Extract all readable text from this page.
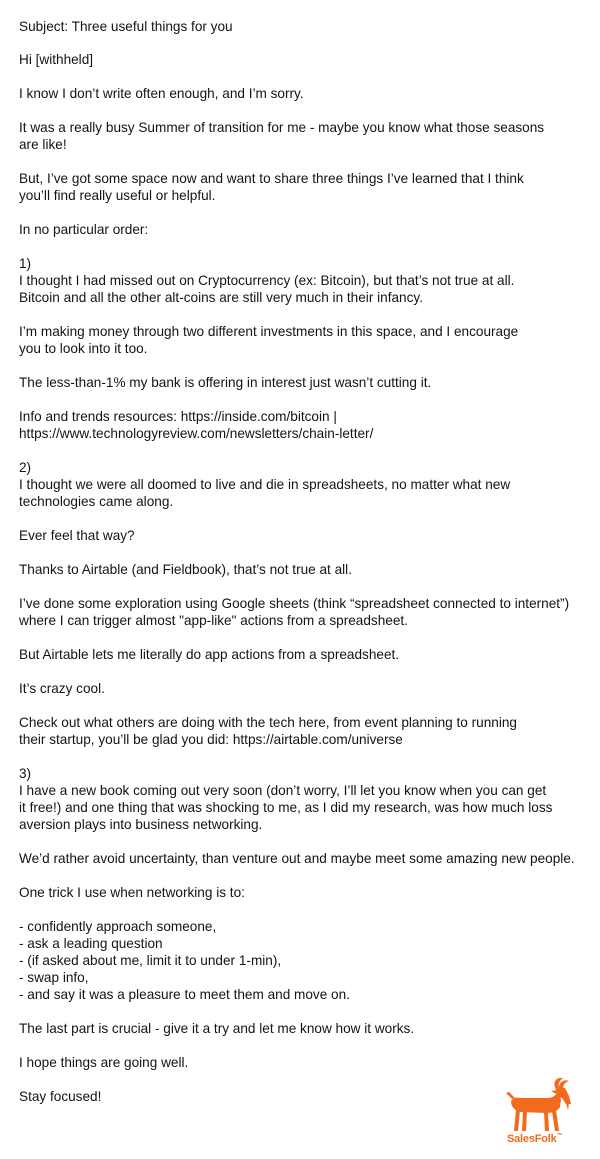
Subject: Three useful things for you

Hi [withheld]

I know I don’t write often enough, and I’m sorry.

It was a really busy Summer of transition for me - maybe you know what those seasons
are like!

But, I’ve got some space now and want to share three things I’ve learned that I think
you’ll find really useful or helpful.

In no particular order:

1)

I thought I had missed out on Cryptocurrency (ex: Bitcoin), but that’s not true at all.
Bitcoin and all the other alt-coins are still very much in their infancy.

I’m making money through two different investments in this space, and I encourage
you to look into it too.

The less-than-1% my bank is offering in interest just wasn’t cutting it.

Info and trends resources: https://inside.com/bitcoin |
https://www.technologyreview.com/newsletters/chain-letter/

2)

I thought we were all doomed to live and die in spreadsheets, no matter what new
technologies came along.

Ever feel that way?

Thanks to Airtable (and Fieldbook), that’s not true at all.

I’ve done some exploration using Google sheets (think “spreadsheet connected to internet”)
where I can trigger almost "app-like" actions from a spreadsheet.

But Airtable lets me literally do app actions from a spreadsheet.

It’s crazy cool.

Check out what others are doing with the tech here, from event planning to running
their startup, you’ll be glad you did: https://airtable.com/universe

3)

I have a new book coming out very soon (don’t worry, I’ll let you know when you can get
it free!) and one thing that was shocking to me, as I did my research, was how much loss
aversion plays into business networking.

We’d rather avoid uncertainty, than venture out and maybe meet some amazing new people.

One trick I use when networking is to:

- confidently approach someone,
- ask a leading question
- (if asked about me, limit it to under 1-min),
- swap info,
- and say it was a pleasure to meet them and move on.

The last part is crucial - give it a try and let me know how it works.

I hope things are going well.

Stay focused!

SalesFolk™
